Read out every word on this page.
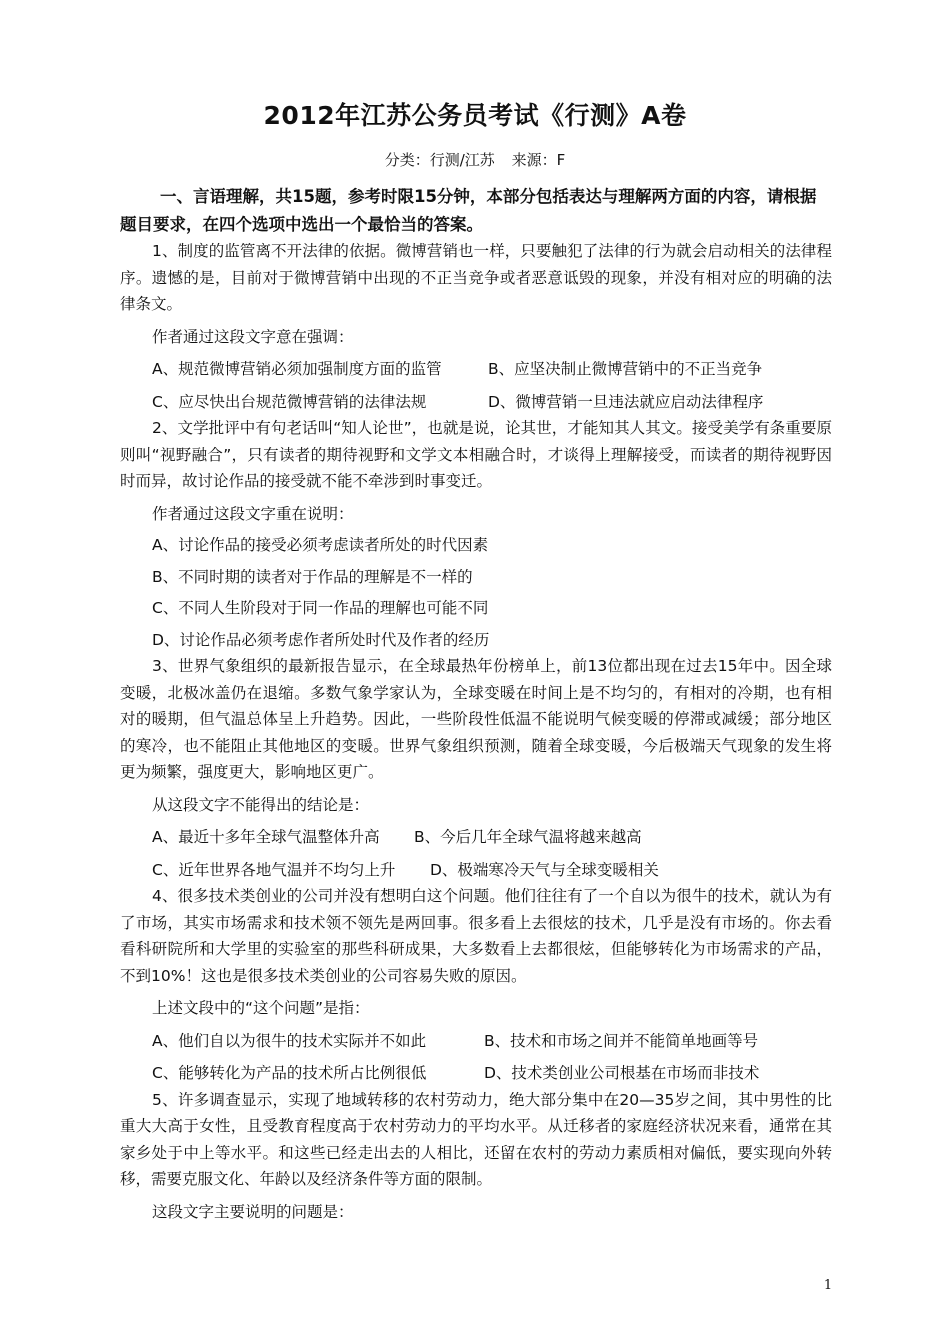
2012年江苏公务员考试《行测》A卷
分类：行测/江苏 来源：F
一、言语理解，共15题，参考时限15分钟，本部分包括表达与理解两方面的内容，请根据题目要求，在四个选项中选出一个最恰当的答案。

1、制度的监管离不开法律的依据。微博营销也一样，只要触犯了法律的行为就会启动相关的法律程序。遗憾的是，目前对于微博营销中出现的不正当竞争或者恶意诋毁的现象，并没有相对应的明确的法律条文。

作者通过这段文字意在强调：

A、规范微博营销必须加强制度方面的监管	B、应坚决制止微博营销中的不正当竞争
C、应尽快出台规范微博营销的法律法规	D、微博营销一旦违法就应启动法律程序

2、文学批评中有句老话叫“知人论世”，也就是说，论其世，才能知其人其文。接受美学有条重要原则叫“视野融合”，只有读者的期待视野和文学文本相融合时，才谈得上理解接受，而读者的期待视野因时而异，故讨论作品的接受就不能不牵涉到时事变迁。

作者通过这段文字重在说明：

A、讨论作品的接受必须考虑读者所处的时代因素

B、不同时期的读者对于作品的理解是不一样的

C、不同人生阶段对于同一作品的理解也可能不同

D、讨论作品必须考虑作者所处时代及作者的经历

3、世界气象组织的最新报告显示，在全球最热年份榜单上，前13位都出现在过去15年中。因全球变暖，北极冰盖仍在退缩。多数气象学家认为，全球变暖在时间上是不均匀的，有相对的冷期，也有相对的暖期，但气温总体呈上升趋势。因此，一些阶段性低温不能说明气候变暖的停滞或减缓；部分地区的寒冷，也不能阻止其他地区的变暖。世界气象组织预测，随着全球变暖，今后极端天气现象的发生将更为频繁，强度更大，影响地区更广。

从这段文字不能得出的结论是：

A、最近十多年全球气温整体升高	B、今后几年全球气温将越来越高
C、近年世界各地气温并不均匀上升	D、极端寒冷天气与全球变暖相关

4、很多技术类创业的公司并没有想明白这个问题。他们往往有了一个自以为很牛的技术，就认为有了市场，其实市场需求和技术领不领先是两回事。很多看上去很炫的技术，几乎是没有市场的。你去看看科研院所和大学里的实验室的那些科研成果，大多数看上去都很炫，但能够转化为市场需求的产品，不到10%！这也是很多技术类创业的公司容易失败的原因。

上述文段中的“这个问题”是指：

A、他们自以为很牛的技术实际并不如此	B、技术和市场之间并不能简单地画等号
C、能够转化为产品的技术所占比例很低	D、技术类创业公司根基在市场而非技术

5、许多调查显示，实现了地域转移的农村劳动力，绝大部分集中在20—35岁之间，其中男性的比重大大高于女性，且受教育程度高于农村劳动力的平均水平。从迁移者的家庭经济状况来看，通常在其家乡处于中上等水平。和这些已经走出去的人相比，还留在农村的劳动力素质相对偏低，要实现向外转移，需要克服文化、年龄以及经济条件等方面的限制。

这段文字主要说明的问题是：

1
